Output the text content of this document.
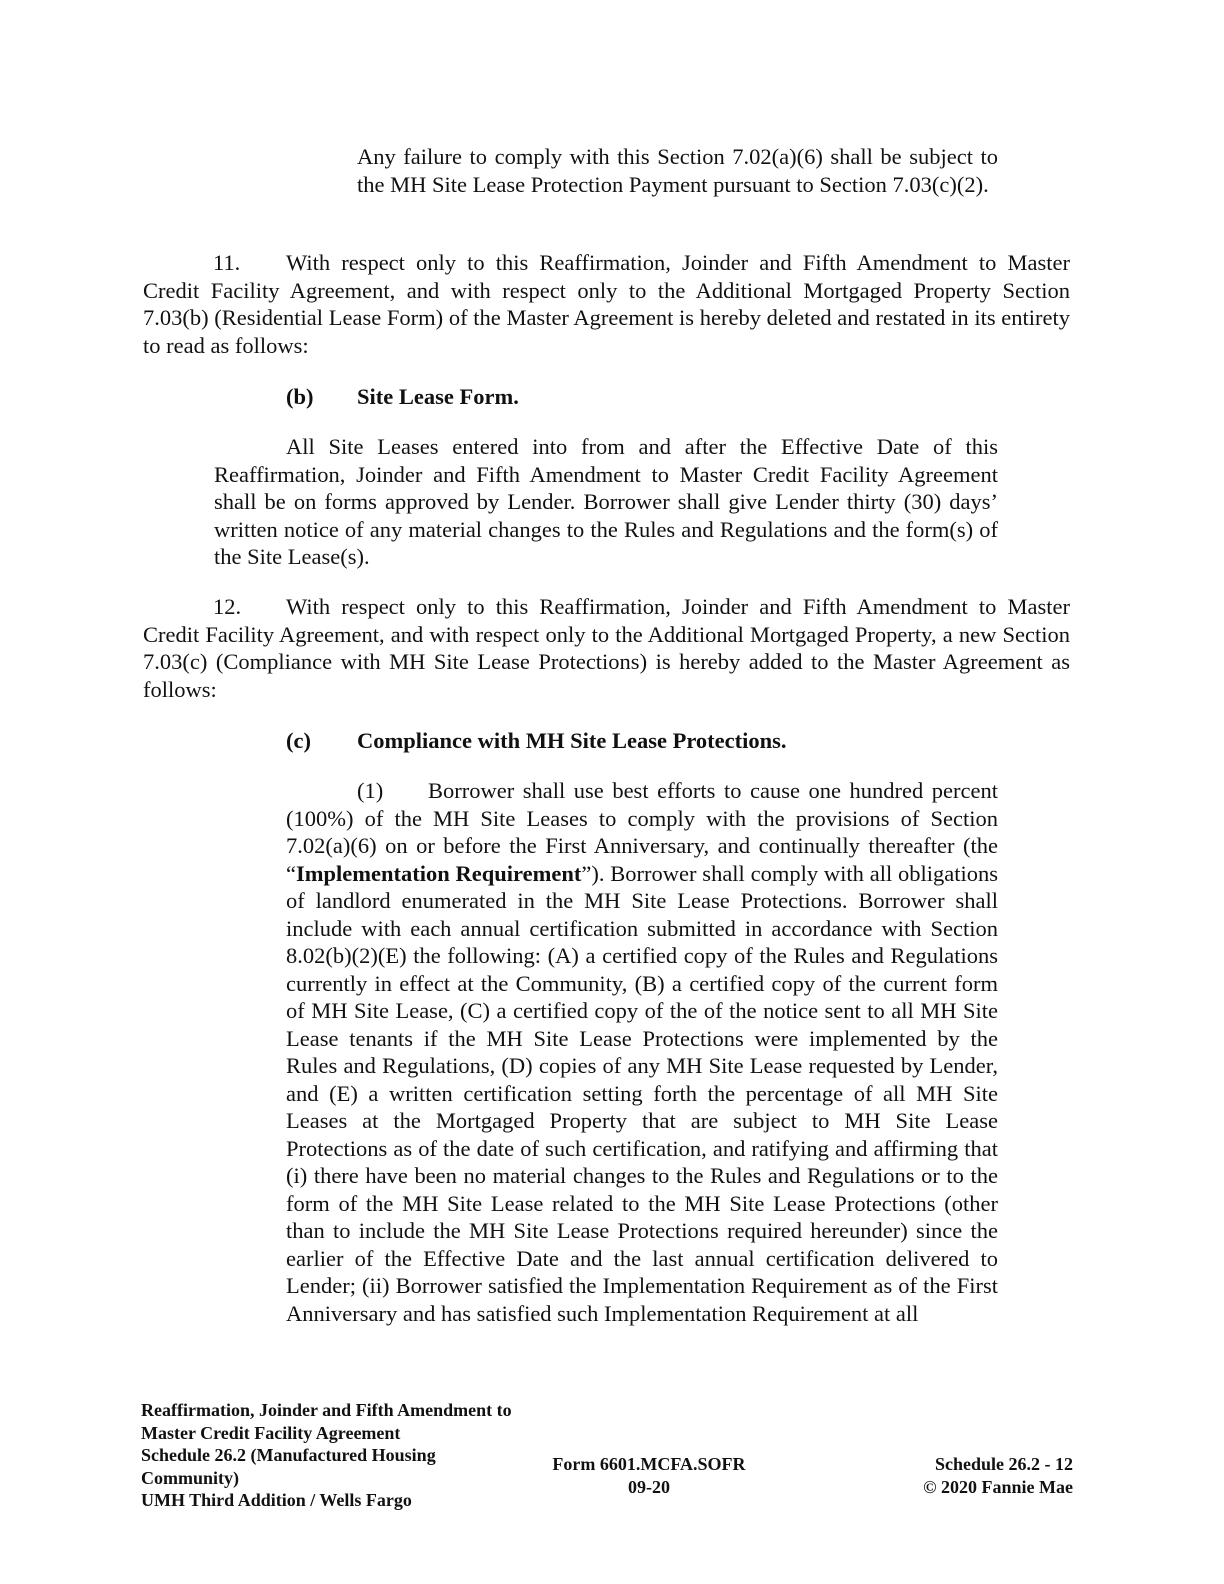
Any failure to comply with this Section 7.02(a)(6) shall be subject to the MH Site Lease Protection Payment pursuant to Section 7.03(c)(2).

11. With respect only to this Reaffirmation, Joinder and Fifth Amendment to Master Credit Facility Agreement, and with respect only to the Additional Mortgaged Property Section 7.03(b) (Residential Lease Form) of the Master Agreement is hereby deleted and restated in its entirety to read as follows:

(b) Site Lease Form.

All Site Leases entered into from and after the Effective Date of this Reaffirmation, Joinder and Fifth Amendment to Master Credit Facility Agreement shall be on forms approved by Lender. Borrower shall give Lender thirty (30) days’ written notice of any material changes to the Rules and Regulations and the form(s) of the Site Lease(s).

12. With respect only to this Reaffirmation, Joinder and Fifth Amendment to Master Credit Facility Agreement, and with respect only to the Additional Mortgaged Property, a new Section 7.03(c) (Compliance with MH Site Lease Protections) is hereby added to the Master Agreement as follows:

(c) Compliance with MH Site Lease Protections.

(1) Borrower shall use best efforts to cause one hundred percent (100%) of the MH Site Leases to comply with the provisions of Section 7.02(a)(6) on or before the First Anniversary, and continually thereafter (the “Implementation Requirement”). Borrower shall comply with all obligations of landlord enumerated in the MH Site Lease Protections. Borrower shall include with each annual certification submitted in accordance with Section 8.02(b)(2)(E) the following: (A) a certified copy of the Rules and Regulations currently in effect at the Community, (B) a certified copy of the current form of MH Site Lease, (C) a certified copy of the of the notice sent to all MH Site Lease tenants if the MH Site Lease Protections were implemented by the Rules and Regulations, (D) copies of any MH Site Lease requested by Lender, and (E) a written certification setting forth the percentage of all MH Site Leases at the Mortgaged Property that are subject to MH Site Lease Protections as of the date of such certification, and ratifying and affirming that (i) there have been no material changes to the Rules and Regulations or to the form of the MH Site Lease related to the MH Site Lease Protections (other than to include the MH Site Lease Protections required hereunder) since the earlier of the Effective Date and the last annual certification delivered to Lender; (ii) Borrower satisfied the Implementation Requirement as of the First Anniversary and has satisfied such Implementation Requirement at all

Reaffirmation, Joinder and Fifth Amendment to
Master Credit Facility Agreement
Schedule 26.2 (Manufactured Housing
Community)
UMH Third Addition / Wells Fargo
Form 6601.MCFA.SOFR
09-20
Schedule 26.2 - 12
© 2020 Fannie Mae
